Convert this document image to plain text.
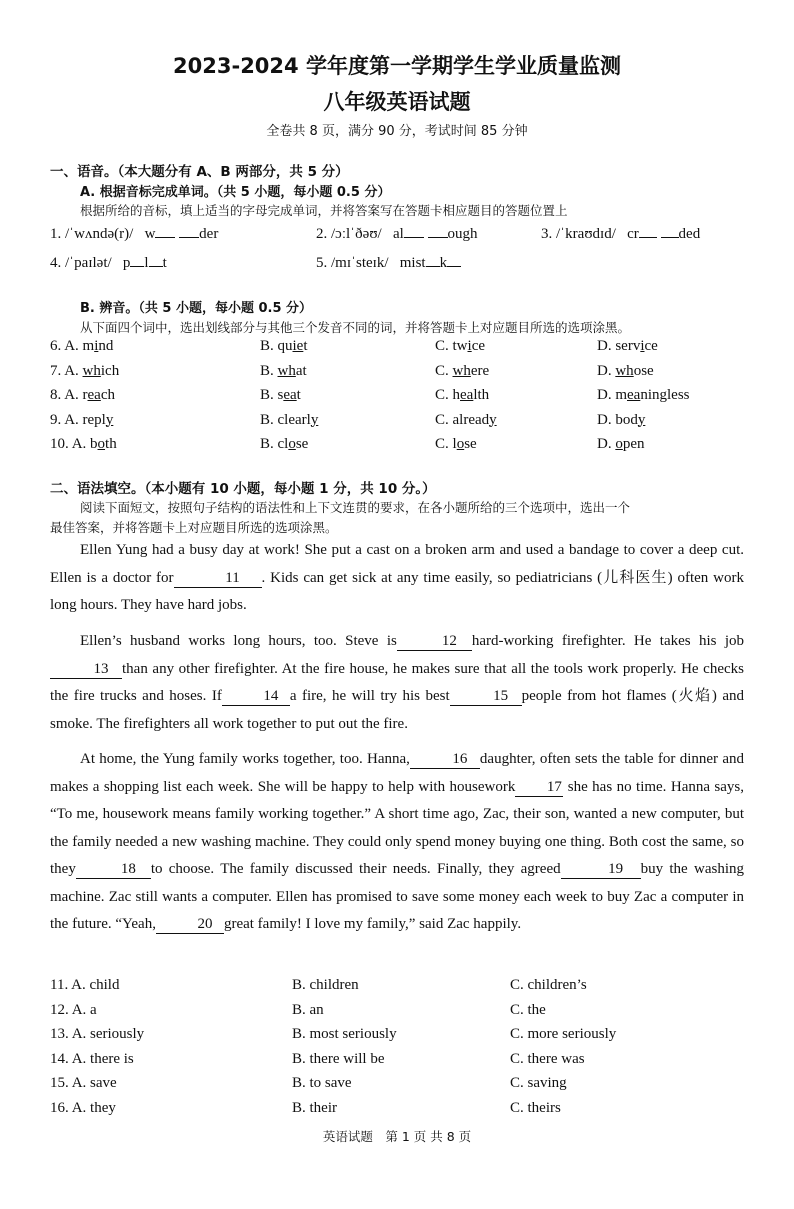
2023-2024 学年度第一学期学生学业质量监测
八年级英语试题
全卷共 8 页，满分 90 分，考试时间 85 分钟
一、语音。（本大题分有 A、B 两部分，共 5 分）
A. 根据音标完成单词。（共 5 小题，每小题 0.5 分）
根据所给的音标，填上适当的字母完成单词，并将答案写在答题卡相应题目的答题位置上
1. /ˈwʌndə(r)/ w	der	2. /ɔːlˈðəʊ/ al	ough	3. /ˈkraʊdɪd/ cr	ded
4. /ˈpaɪlət/ p l t	5. /mɪˈsteɪk/ mist k
B. 辨音。（共 5 小题，每小题 0.5 分）
从下面四个词中，选出划线部分与其他三个发音不同的词，并将答题卡上对应题目所选的选项涂黑。
6. A. mind	B. quiet	C. twice	D. service
7. A. which	B. what	C. where	D. whose
8. A. reach	B. seat	C. health	D. meaningless
9. A. reply	B. clearly	C. already	D. body
10. A. both	B. close	C. lose	D. open
二、语法填空。（本小题有 10 小题，每小题 1 分，共 10 分。）
阅读下面短文，按照句子结构的语法性和上下文连贯的要求，在各小题所给的三个选项中，选出一个
最佳答案，并将答题卡上对应题目所选的选项涂黑。
Ellen Yung had a busy day at work! She put a cast on a broken arm and used a bandage to cover a deep cut. Ellen is a doctor for	11 . Kids can get sick at any time easily, so pediatricians (儿科医生) often work long hours. They have hard jobs.
Ellen’s husband works long hours, too. Steve is	12 hard-working firefighter. He takes his job13 than any other firefighter. At the fire house, he makes sure that all the tools work properly. He checks the fire trucks and hoses. If	14 a fire, he will try his best	15 people from hot flames (火焰) and smoke. The firefighters all work together to put out the fire.
At home, the Yung family works together, too. Hanna,	16 daughter, often sets the table for dinner and makes a shopping list each week. She will be happy to help with housework 17 she has no time. Hanna says, “To me, housework means family working together.” A short time ago, Zac, their son, wanted a new computer, but the family needed a new washing machine. They could only spend money buying one thing. Both cost the same, so they	18 to choose. The family discussed their needs. Finally, they agreed	19 buy the washing machine. Zac still wants a computer. Ellen has promised to save some money each week to buy Zac a computer in the future. “Yeah,	20 great family! I love my family,” said Zac happily.
11. A. child	B. children	C. children’s
12. A. a	B. an	C. the
13. A. seriously	B. most seriously	C. more seriously
14. A. there is	B. there will be	C. there was
15. A. save	B. to save	C. saving
16. A. they	B. their	C. theirs
英语试题　第 1 页 共 8 页
